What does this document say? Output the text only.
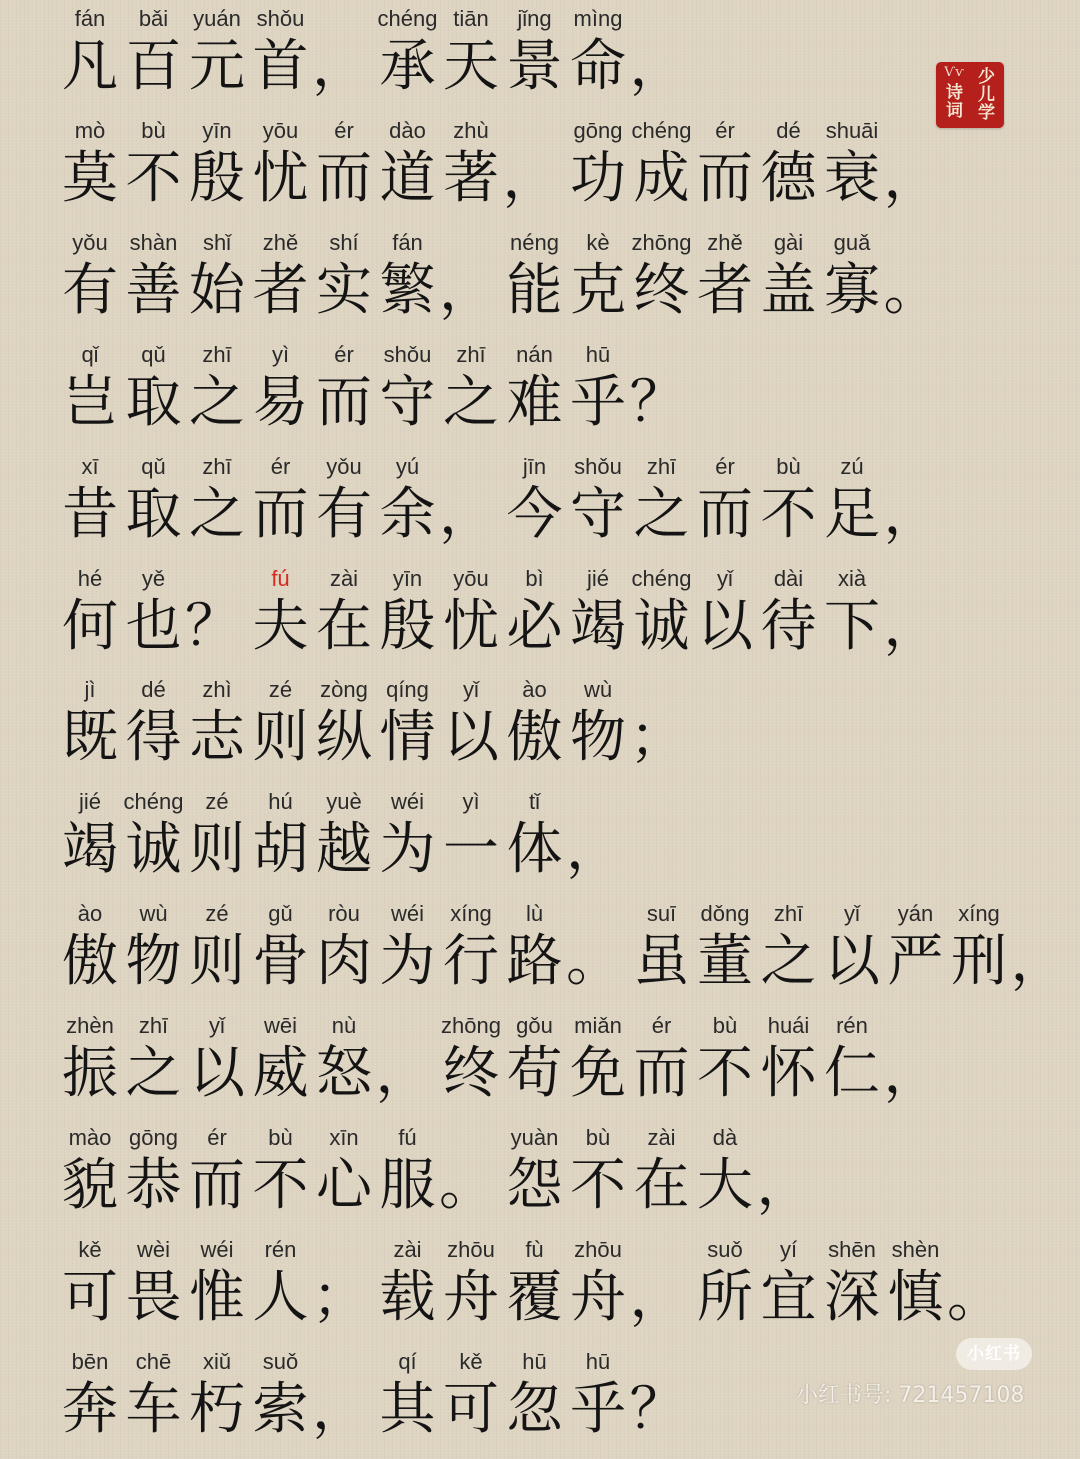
fán
凡
bǎi
百
yuán
元
shǒu
首 ，
chéng
承
tiān
天
jǐng
景
mìng
命 ，
mò
莫
bù
不
yīn
殷
yōu
忧
ér
而
dào
道
zhù
著 ，
gōng
功
chéng
成
ér
而
dé
德
shuāi
衰 ，
yǒu
有
shàn
善
shǐ
始
zhě
者
shí
实
fán
繁 ，
néng
能
kè
克
zhōng
终
zhě
者
gài
盖
guǎ
寡 。
qǐ
岂
qǔ
取
zhī
之
yì
易
ér
而
shǒu
守
zhī
之
nán
难
hū
乎 ？
xī
昔
qǔ
取
zhī
之
ér
而
yǒu
有
yú
余 ，
jīn
今
shǒu
守
zhī
之
ér
而
bù
不
zú
足 ，
hé
何
yě
也 ？
fú
夫
zài
在
yīn
殷
yōu
忧
bì
必
jié
竭
chéng
诚
yǐ
以
dài
待
xià
下 ，
jì
既
dé
得
zhì
志
zé
则
zòng
纵
qíng
情
yǐ
以
ào
傲
wù
物 ；
jié
竭
chéng
诚
zé
则
hú
胡
yuè
越
wéi
为
yì
一
tǐ
体 ，
ào
傲
wù
物
zé
则
gǔ
骨
ròu
肉
wéi
为
xíng
行
lù
路 。
suī
虽
dǒng
董
zhī
之
yǐ
以
yán
严
xíng
刑 ，
zhèn
振
zhī
之
yǐ
以
wēi
威
nù
怒 ，
zhōng
终
gǒu
苟
miǎn
免
ér
而
bù
不
huái
怀
rén
仁 ，
mào
貌
gōng
恭
ér
而
bù
不
xīn
心
fú
服 。
yuàn
怨
bù
不
zài
在
dà
大 ，
kě
可
wèi
畏
wéi
惟
rén
人 ；
zài
载
zhōu
舟
fù
覆
zhōu
舟 ，
suǒ
所
yí
宜
shēn
深
shèn
慎 。
bēn
奔
chē
车
xiǔ
朽
suǒ
索 ，
qí
其
kě
可
hū
忽
hū
乎 ？
Ѵѵ 少儿学
诗词
小红书
小红书号: 721457108
